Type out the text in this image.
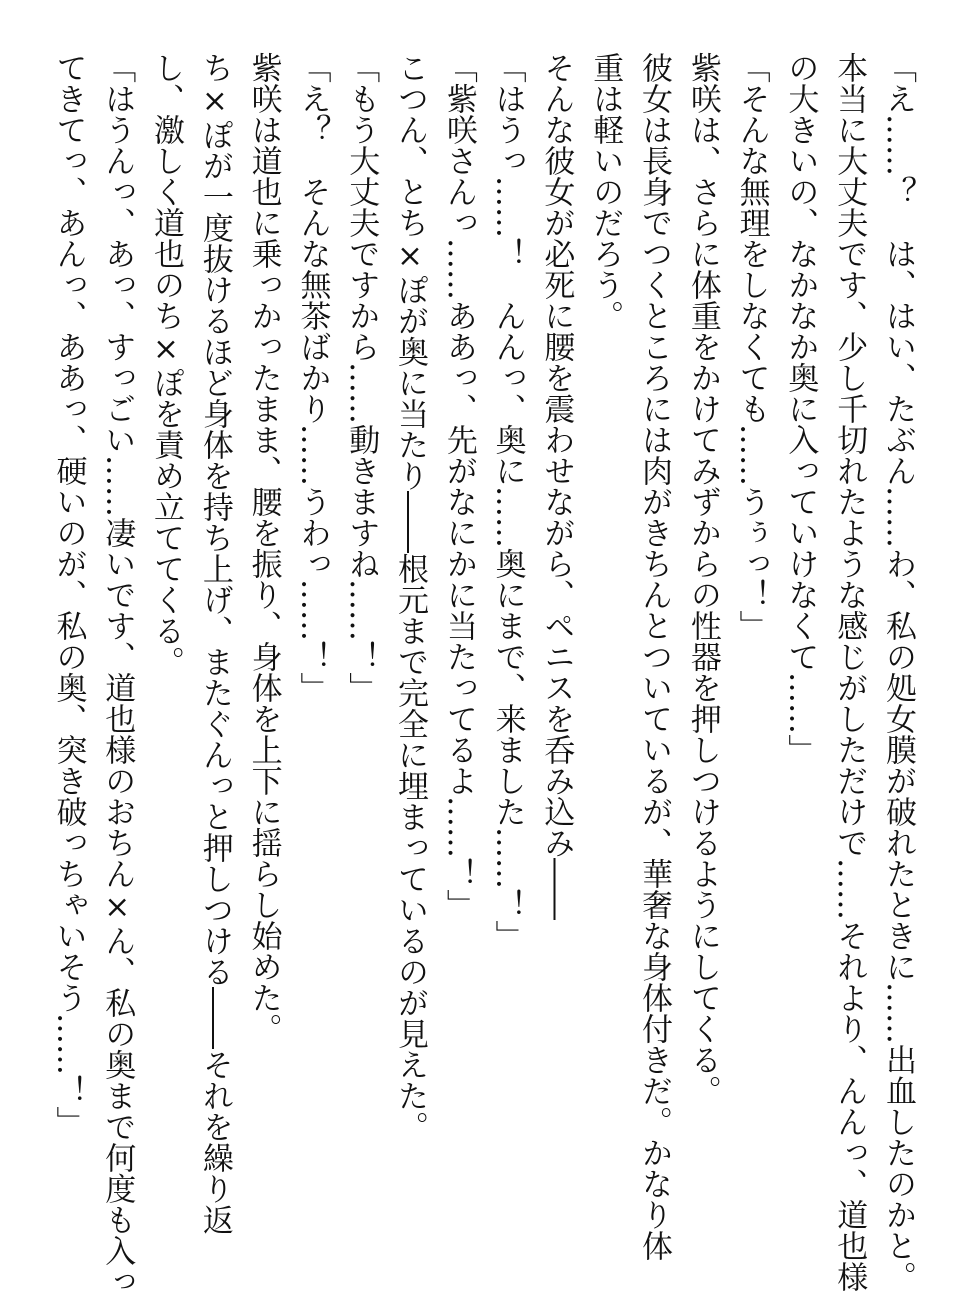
「え……？　は、はい、たぶん……わ、私の処女膜が破れたときに……出血したのかと。
本当に大丈夫です、少し千切れたような感じがしただけで……それより、んんっ、道也様
の大きいの、なかなか奥に入っていけなくて……」
「そんな無理をしなくても……うぅっ！」
紫咲は、さらに体重をかけてみずからの性器を押しつけるようにしてくる。
彼女は長身でつくところには肉がきちんとついているが、華奢な身体付きだ。かなり体
重は軽いのだろう。
そんな彼女が必死に腰を震わせながら、ペニスを呑み込み――
「はうっ……！　んんっ、奥に……奥にまで、来ました……！」
「紫咲さんっ……ああっ、先がなにかに当たってるよ……！」
こつん、とち×ぽが奥に当たり――根元まで完全に埋まっているのが見えた。
「もう大丈夫ですから……動きますね……！」
「え？　そんな無茶ばかり……うわっ……！」
紫咲は道也に乗っかったまま、腰を振り、身体を上下に揺らし始めた。
ち×ぽが一度抜けるほど身体を持ち上げ、またぐんっと押しつける――それを繰り返
し、激しく道也のち×ぽを責め立ててくる。
「はうんっ、あっ、すっごい……凄いです、道也様のおちん×ん、私の奥まで何度も入っ
てきてっ、あんっ、ああっ、硬いのが、私の奥、突き破っちゃいそう……！」
